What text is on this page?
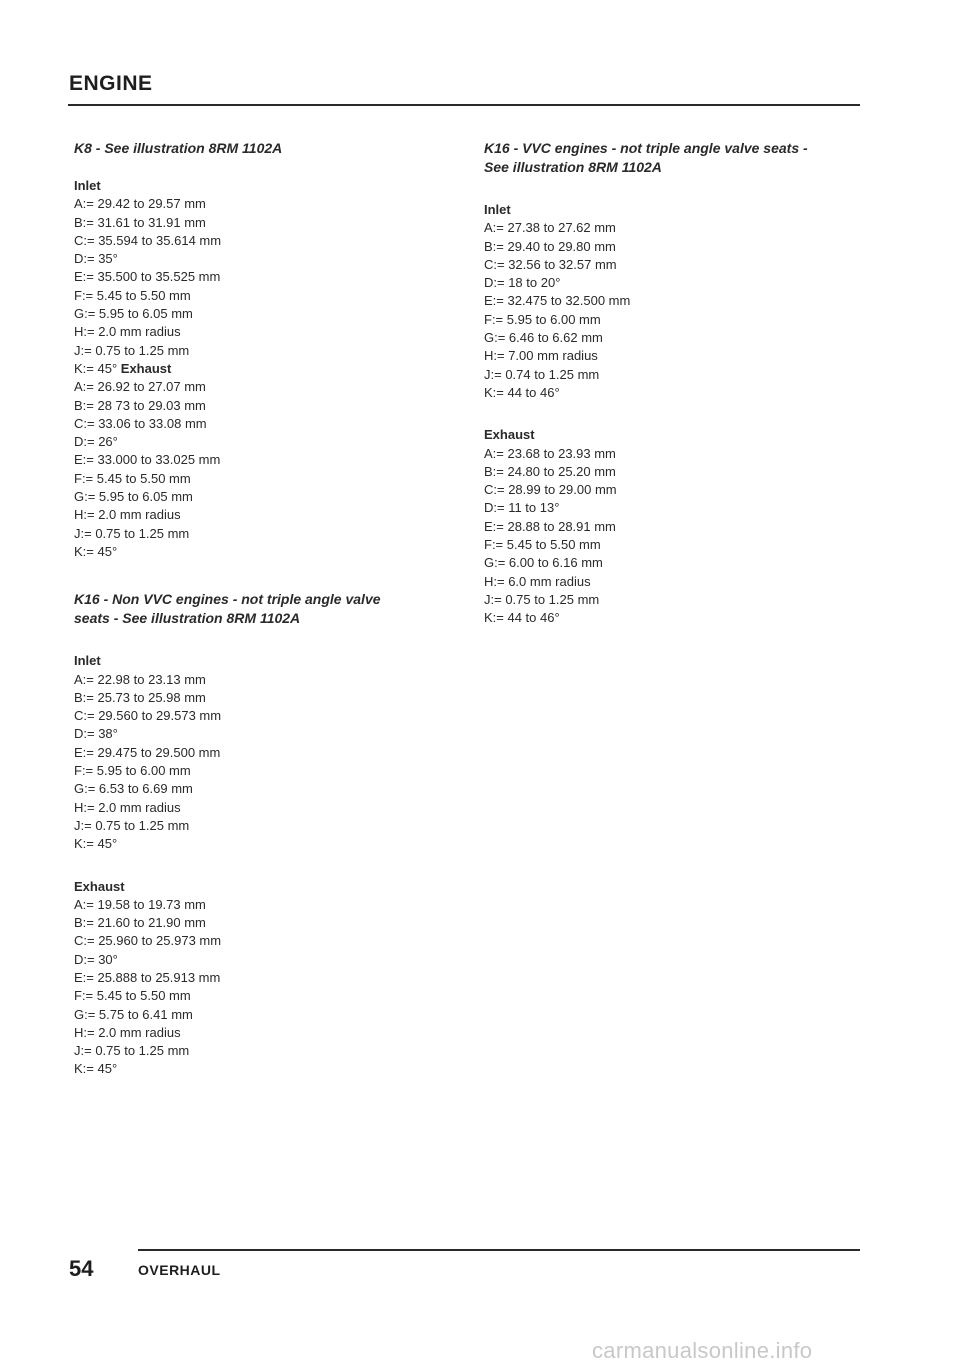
ENGINE

K8 - See illustration 8RM 1102A

Inlet

A:= 29.42 to 29.57 mm

B:= 31.61 to 31.91 mm

C:= 35.594 to 35.614 mm

D:= 35°

E:= 35.500 to 35.525 mm

F:= 5.45 to 5.50 mm

G:= 5.95 to 6.05 mm

H:= 2.0 mm radius

J:= 0.75 to 1.25 mm

K:= 45° Exhaust

A:= 26.92 to 27.07 mm

B:= 28 73 to 29.03 mm

C:= 33.06 to 33.08 mm

D:= 26°

E:= 33.000 to 33.025 mm

F:= 5.45 to 5.50 mm

G:= 5.95 to 6.05 mm

H:= 2.0 mm radius

J:= 0.75 to 1.25 mm

K:= 45°

K16 - Non VVC engines - not triple angle valve

seats - See illustration 8RM 1102A

Inlet

A:= 22.98 to 23.13 mm

B:= 25.73 to 25.98 mm

C:= 29.560 to 29.573 mm

D:= 38°

E:= 29.475 to 29.500 mm

F:= 5.95 to 6.00 mm

G:= 6.53 to 6.69 mm

H:= 2.0 mm radius

J:= 0.75 to 1.25 mm

K:= 45°

Exhaust

A:= 19.58 to 19.73 mm

B:= 21.60 to 21.90 mm

C:= 25.960 to 25.973 mm

D:= 30°

E:= 25.888 to 25.913 mm

F:= 5.45 to 5.50 mm

G:= 5.75 to 6.41 mm

H:= 2.0 mm radius

J:= 0.75 to 1.25 mm

K:= 45°

K16 - VVC engines - not triple angle valve seats -

See illustration 8RM 1102A

Inlet

A:= 27.38 to 27.62 mm

B:= 29.40 to 29.80 mm

C:= 32.56 to 32.57 mm

D:= 18 to 20°

E:= 32.475 to 32.500 mm

F:= 5.95 to 6.00 mm

G:= 6.46 to 6.62 mm

H:= 7.00 mm radius

J:= 0.74 to 1.25 mm

K:= 44 to 46°

Exhaust

A:= 23.68 to 23.93 mm

B:= 24.80 to 25.20 mm

C:= 28.99 to 29.00 mm

D:= 11 to 13°

E:= 28.88 to 28.91 mm

F:= 5.45 to 5.50 mm

G:= 6.00 to 6.16 mm

H:= 6.0 mm radius

J:= 0.75 to 1.25 mm

K:= 44 to 46°

54	OVERHAUL
carmanualsonline.info
